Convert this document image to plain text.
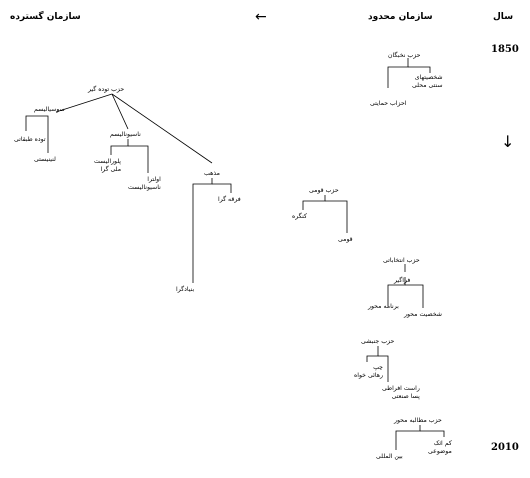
سال
سازمان محدود
←
سازمان گسترده
1850
↓
2010
حزب نخبگان
شخصیتهای
سنتی محلی
احزاب حمایتی
حزب توده گیر
سوسیالیسم
توده طبقاتی
لنینیستی
ناسیونالیسم
پلورالیست
ملی گرا
اولترا
ناسیونالیست
مذهب
فرقه گرا
بنیادگرا
حزب قومی
کنگره
قومی
حزب انتخاباتی
فراگیر
برنامه محور
شخصیت محور
حزب جنبشی
چپ
رهائی خواه
راست افراطی
پسا صنعتی
حزب مطالبه محور
بین المللی
کم اثک
موضوعی
